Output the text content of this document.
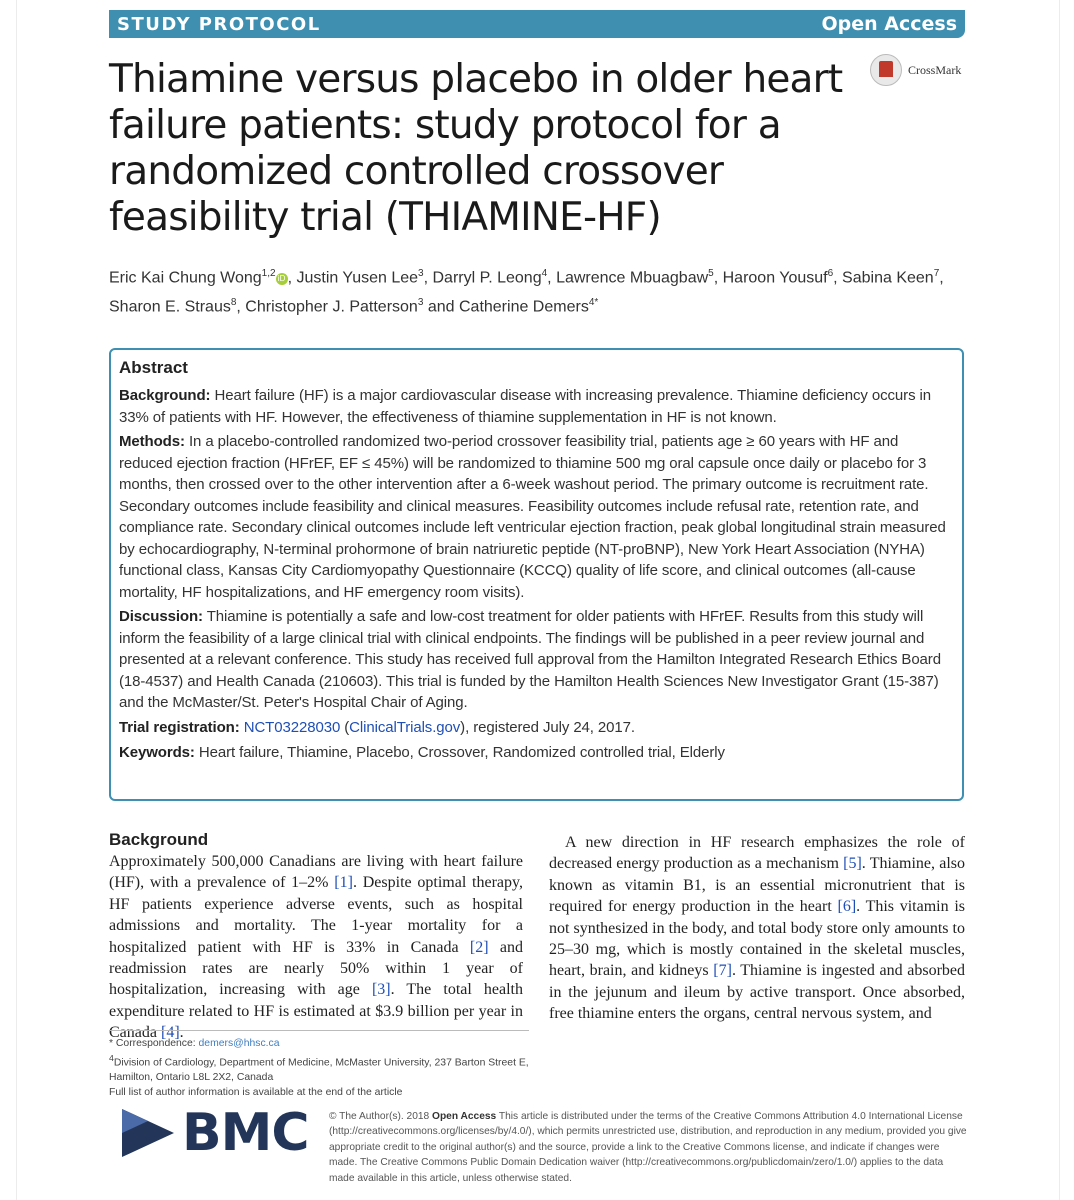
STUDY PROTOCOL	Open Access
CrossMark
Thiamine versus placebo in older heart failure patients: study protocol for a randomized controlled crossover feasibility trial (THIAMINE-HF)
Eric Kai Chung Wong$^{1,2}$ iD , Justin Yusen Lee$^3$, Darryl P. Leong$^4$, Lawrence Mbuagbaw$^5$, Haroon Yousuf$^6$, Sabina Keen$^7$, Sharon E. Straus$^8$, Christopher J. Patterson$^3$ and Catherine Demers$^{4*}$
Abstract

Background: Heart failure (HF) is a major cardiovascular disease with increasing prevalence. Thiamine deficiency occurs in 33% of patients with HF. However, the effectiveness of thiamine supplementation in HF is not known.

Methods: In a placebo-controlled randomized two-period crossover feasibility trial, patients age ≥ 60 years with HF and reduced ejection fraction (HFrEF, EF ≤ 45%) will be randomized to thiamine 500 mg oral capsule once daily or placebo for 3 months, then crossed over to the other intervention after a 6-week washout period. The primary outcome is recruitment rate. Secondary outcomes include feasibility and clinical measures. Feasibility outcomes include refusal rate, retention rate, and compliance rate. Secondary clinical outcomes include left ventricular ejection fraction, peak global longitudinal strain measured by echocardiography, N-terminal prohormone of brain natriuretic peptide (NT-proBNP), New York Heart Association (NYHA) functional class, Kansas City Cardiomyopathy Questionnaire (KCCQ) quality of life score, and clinical outcomes (all-cause mortality, HF hospitalizations, and HF emergency room visits).

Discussion: Thiamine is potentially a safe and low-cost treatment for older patients with HFrEF. Results from this study will inform the feasibility of a large clinical trial with clinical endpoints. The findings will be published in a peer review journal and presented at a relevant conference. This study has received full approval from the Hamilton Integrated Research Ethics Board (18-4537) and Health Canada (210603). This trial is funded by the Hamilton Health Sciences New Investigator Grant (15-387) and the McMaster/St. Peter's Hospital Chair of Aging.

Trial registration: NCT03228030 (ClinicalTrials.gov), registered July 24, 2017.

Keywords: Heart failure, Thiamine, Placebo, Crossover, Randomized controlled trial, Elderly

Background

Approximately 500,000 Canadians are living with heart failure (HF), with a prevalence of 1–2% [1]. Despite optimal therapy, HF patients experience adverse events, such as hospital admissions and mortality. The 1-year mortality for a hospitalized patient with HF is 33% in Canada [2] and readmission rates are nearly 50% within 1 year of hospitalization, increasing with age [3]. The total health expenditure related to HF is estimated at $3.9 billion per year in Canada [4].

A new direction in HF research emphasizes the role of decreased energy production as a mechanism [5]. Thiamine, also known as vitamin B1, is an essential micronutrient that is required for energy production in the heart [6]. This vitamin is not synthesized in the body, and total body store only amounts to 25–30 mg, which is mostly contained in the skeletal muscles, heart, brain, and kidneys [7]. Thiamine is ingested and absorbed in the jejunum and ileum by active transport. Once absorbed, free thiamine enters the organs, central nervous system, and

* Correspondence: demers@hhsc.ca
$^4$Division of Cardiology, Department of Medicine, McMaster University, 237 Barton Street E, Hamilton, Ontario L8L 2X2, Canada
Full list of author information is available at the end of the article
BMC © The Author(s). 2018 Open Access This article is distributed under the terms of the Creative Commons Attribution 4.0 International License (http://creativecommons.org/licenses/by/4.0/), which permits unrestricted use, distribution, and reproduction in any medium, provided you give appropriate credit to the original author(s) and the source, provide a link to the Creative Commons license, and indicate if changes were made. The Creative Commons Public Domain Dedication waiver (http://creativecommons.org/publicdomain/zero/1.0/) applies to the data made available in this article, unless otherwise stated.
